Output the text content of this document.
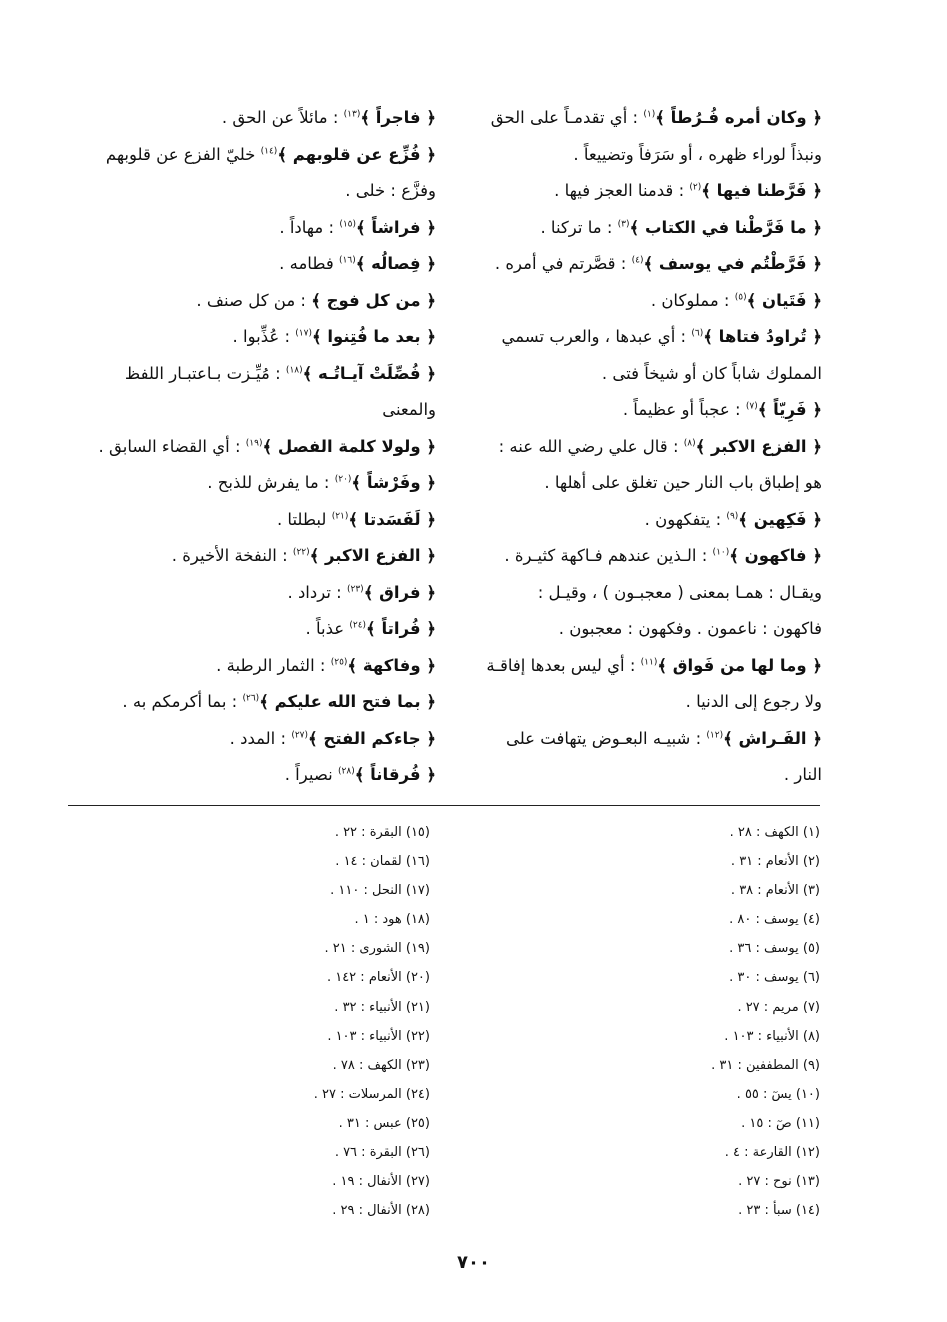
﴿ وكان أمره فُـرُطاً ﴾$^{(١)}$ : أي تقدمـاً على الحق
ونبذاً لوراء ظهره ، أو سَرَفاً وتضييعاً .
﴿ فَرَّطنا فيها ﴾$^{(٢)}$ : قدمنا العجز فيها .
﴿ ما فَرَّطْنا في الكتاب ﴾$^{(٣)}$ : ما تركنا .
﴿ فَرَّطْتُم في يوسف ﴾$^{(٤)}$ : قصَّرتم في أمره .
﴿ فَتَيان ﴾$^{(٥)}$ : مملوكان .
﴿ تُراودُ فتاها ﴾$^{(٦)}$ : أي عبدها ، والعرب تسمي
المملوك شاباً كان أو شيخاً فتى .
﴿ فَرِيّاً ﴾$^{(٧)}$ : عجباً أو عظيماً .
﴿ الفزع الاكبر ﴾$^{(٨)}$ : قال علي رضي الله عنه :
هو إطباق باب النار حين تغلق على أهلها .
﴿ فَكِهين ﴾$^{(٩)}$ : يتفكهون .
﴿ فاكهون ﴾$^{(١٠)}$ : الـذين عندهم فـاكهة كثيـرة .
ويقـال : همـا بمعنى ( معجبـون ) ، وقيـل :
فاكهون : ناعمون . وفكهون : معجبون .
﴿ وما لها من فَواق ﴾$^{(١١)}$ : أي ليس بعدها إفاقـة
ولا رجوع إلى الدنيا .
﴿ الفَـراش ﴾$^{(١٢)}$ : شبيـه البعـوض يتهافت على
النار .
﴿ فاجراً ﴾$^{(١٣)}$ : مائلاً عن الحق .
﴿ فُزِّع عن قلوبهم ﴾$^{(١٤)}$ خليّ الفزع عن قلوبهم
وفزَّع : خلى .
﴿ فراشاً ﴾$^{(١٥)}$ : مهاداً .
﴿ فِصالُه ﴾$^{(١٦)}$ فطامه .
﴿ من كل فوج ﴾ : من كل صنف .
﴿ بعد ما فُتِنوا ﴾$^{(١٧)}$ : عُذِّبوا .
﴿ فُصِّلَتْ آيـاتُـه ﴾$^{(١٨)}$ : مُيِّـزت بـاعتبـار اللفظ
والمعنى
﴿ ولولا كلمة الفصل ﴾$^{(١٩)}$ : أي القضاء السابق .
﴿ وفَرْشاً ﴾$^{(٢٠)}$ : ما يفرش للذبح .
﴿ لَفَسَدتا ﴾$^{(٢١)}$ لبطلتا .
﴿ الفزع الاكبر ﴾$^{(٢٢)}$ : النفخة الأخيرة .
﴿ فراق ﴾$^{(٢٣)}$ : ترداد .
﴿ فُراتاً ﴾$^{(٢٤)}$ عذباً .
﴿ وفاكهة ﴾$^{(٢٥)}$ : الثمار الرطبة .
﴿ بما فتح الله عليكم ﴾$^{(٢٦)}$ : بما أكرمكم به .
﴿ جاءكم الفتح ﴾$^{(٢٧)}$ : المدد .
﴿ فُرقاناً ﴾$^{(٢٨)}$ نصيراً .
(١) الكهف : ٢٨ .
(٢) الأنعام : ٣١ .
(٣) الأنعام : ٣٨ .
(٤) يوسف : ٨٠ .
(٥) يوسف : ٣٦ .
(٦) يوسف : ٣٠ .
(٧) مريم : ٢٧ .
(٨) الأنبياء : ١٠٣ .
(٩) المطففين : ٣١ .
(١٠) يسٓ : ٥٥ .
(١١) صٓ : ١٥ .
(١٢) القارعة : ٤ .
(١٣) نوح : ٢٧ .
(١٤) سبأ : ٢٣ .
(١٥) البقرة : ٢٢ .
(١٦) لقمان : ١٤ .
(١٧) النحل : ١١٠ .
(١٨) هود : ١ .
(١٩) الشورى : ٢١ .
(٢٠) الأنعام : ١٤٢ .
(٢١) الأنبياء : ٣٢ .
(٢٢) الأنبياء : ١٠٣ .
(٢٣) الكهف : ٧٨ .
(٢٤) المرسلات : ٢٧ .
(٢٥) عبس : ٣١ .
(٢٦) البقرة : ٧٦ .
(٢٧) الأنفال : ١٩ .
(٢٨) الأنفال : ٢٩ .
٧٠٠
